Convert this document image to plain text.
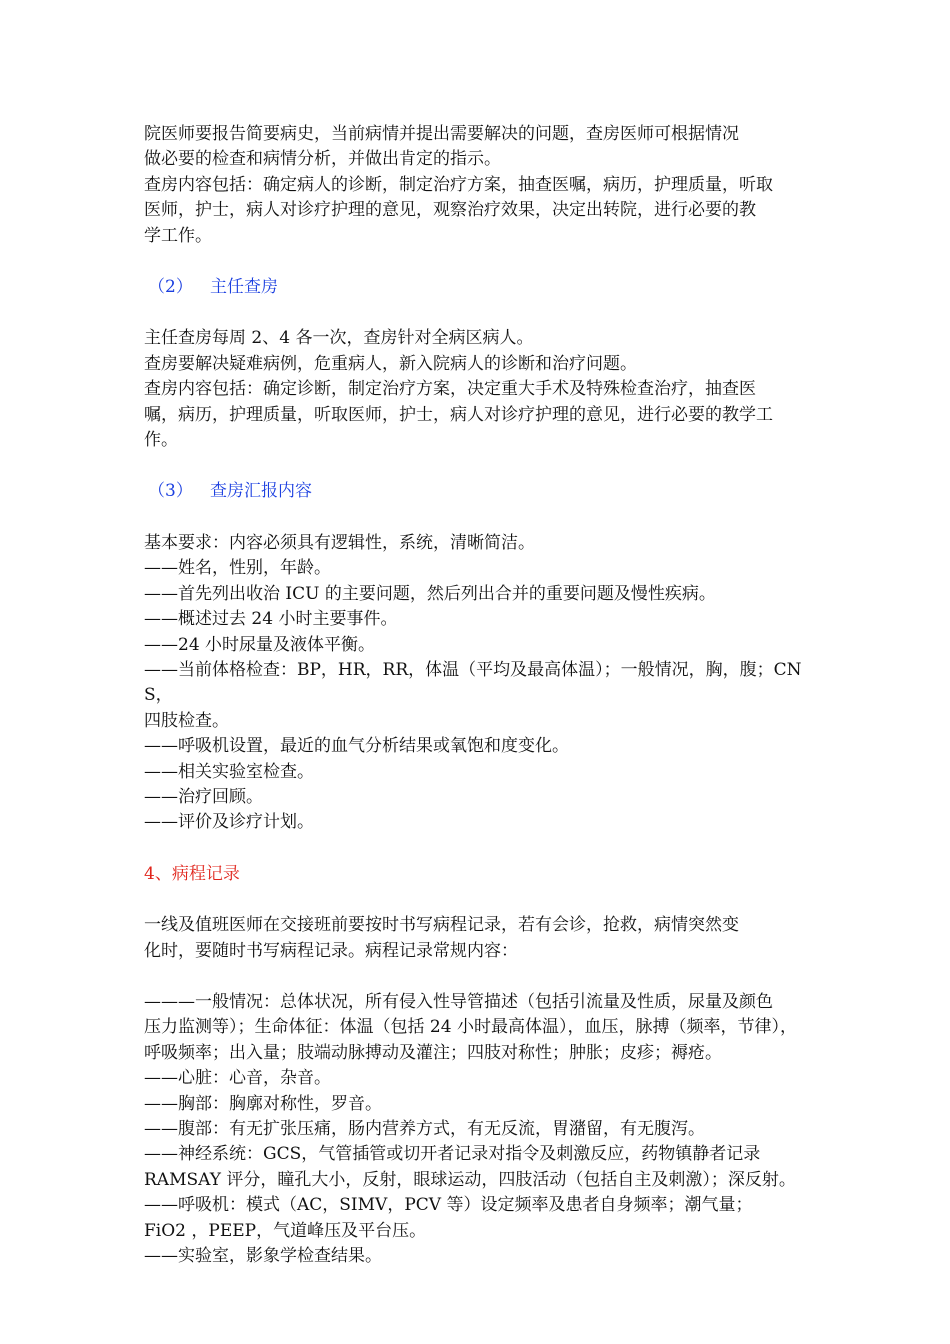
院医师要报告简要病史，当前病情并提出需要解决的问题，查房医师可根据情况

做必要的检查和病情分析，并做出肯定的指示。

查房内容包括：确定病人的诊断，制定治疗方案，抽查医嘱，病历，护理质量，听取

医师，护士，病人对诊疗护理的意见，观察治疗效果，决定出转院，进行必要的教

学工作。

（2） 主任查房

主任查房每周 2、4 各一次，查房针对全病区病人。

查房要解决疑难病例，危重病人，新入院病人的诊断和治疗问题。

查房内容包括：确定诊断，制定治疗方案，决定重大手术及特殊检查治疗，抽查医

嘱，病历，护理质量，听取医师，护士，病人对诊疗护理的意见，进行必要的教学工

作。

（3） 查房汇报内容

基本要求：内容必须具有逻辑性，系统，清晰简洁。

——姓名，性别，年龄。

——首先列出收治 ICU 的主要问题，然后列出合并的重要问题及慢性疾病。

——概述过去 24 小时主要事件。

——24 小时尿量及液体平衡。

——当前体格检查：BP，HR，RR，体温（平均及最高体温）；一般情况，胸，腹；CNS，

四肢检查。

——呼吸机设置，最近的血气分析结果或氧饱和度变化。

——相关实验室检查。

——治疗回顾。

——评价及诊疗计划。

4、病程记录

一线及值班医师在交接班前要按时书写病程记录，若有会诊，抢救，病情突然变

化时，要随时书写病程记录。病程记录常规内容：

———一般情况：总体状况，所有侵入性导管描述（包括引流量及性质，尿量及颜色

压力监测等）；生命体征：体温（包括 24 小时最高体温），血压，脉搏（频率，节律），

呼吸频率；出入量；肢端动脉搏动及灌注；四肢对称性；肿胀；皮疹；褥疮。

——心脏：心音，杂音。

——胸部：胸廓对称性，罗音。

——腹部：有无扩张压痛，肠内营养方式，有无反流，胃潴留，有无腹泻。

——神经系统：GCS，气管插管或切开者记录对指令及刺激反应，药物镇静者记录

RAMSAY 评分，瞳孔大小，反射，眼球运动，四肢活动（包括自主及刺激）；深反射。

——呼吸机：模式（AC，SIMV，PCV 等）设定频率及患者自身频率；潮气量；

FiO2 ，PEEP，气道峰压及平台压。

——实验室，影象学检查结果。
